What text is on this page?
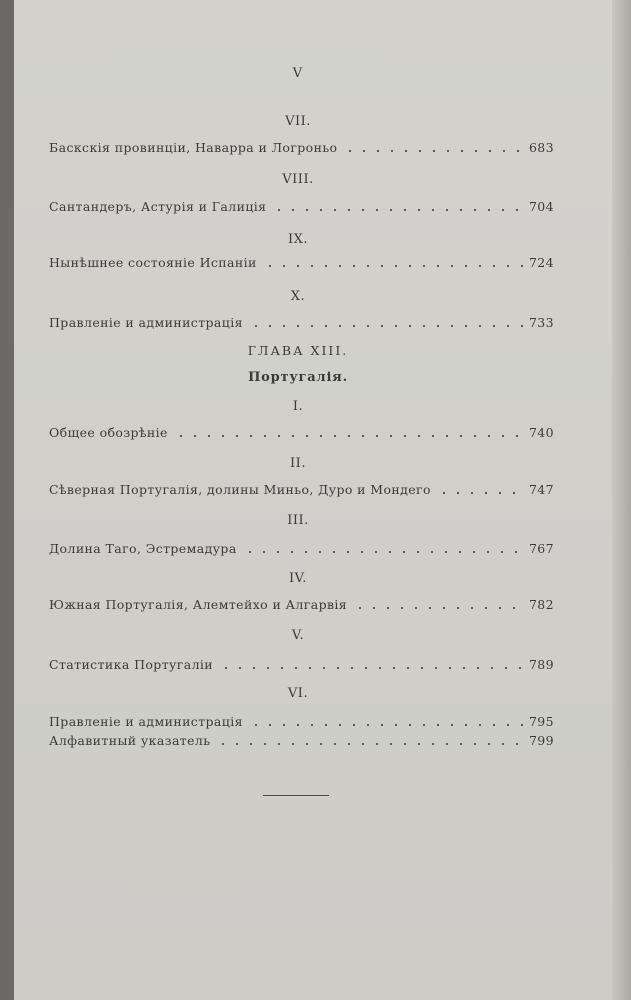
V
VII.
Баскскія провинціи, Наварра и Логроньо	683
VIII.
Сантандеръ, Астурія и Галиція	704
IX.
Нынѣшнее состояніе Испаніи	724
X.
Правленіе и администрація	733
ГЛАВА XIII.
Португалія.
I.
Общее обозрѣніе	740
II.
Сѣверная Португалія, долины Миньо, Дуро и Мондего	747
III.
Долина Таго, Эстремадура	767
IV.
Южная Португалія, Алемтейхо и Алгарвія	782
V.
Статистика Португаліи	789
VI.
Правленіе и администрація	795
Алфавитный указатель	799
